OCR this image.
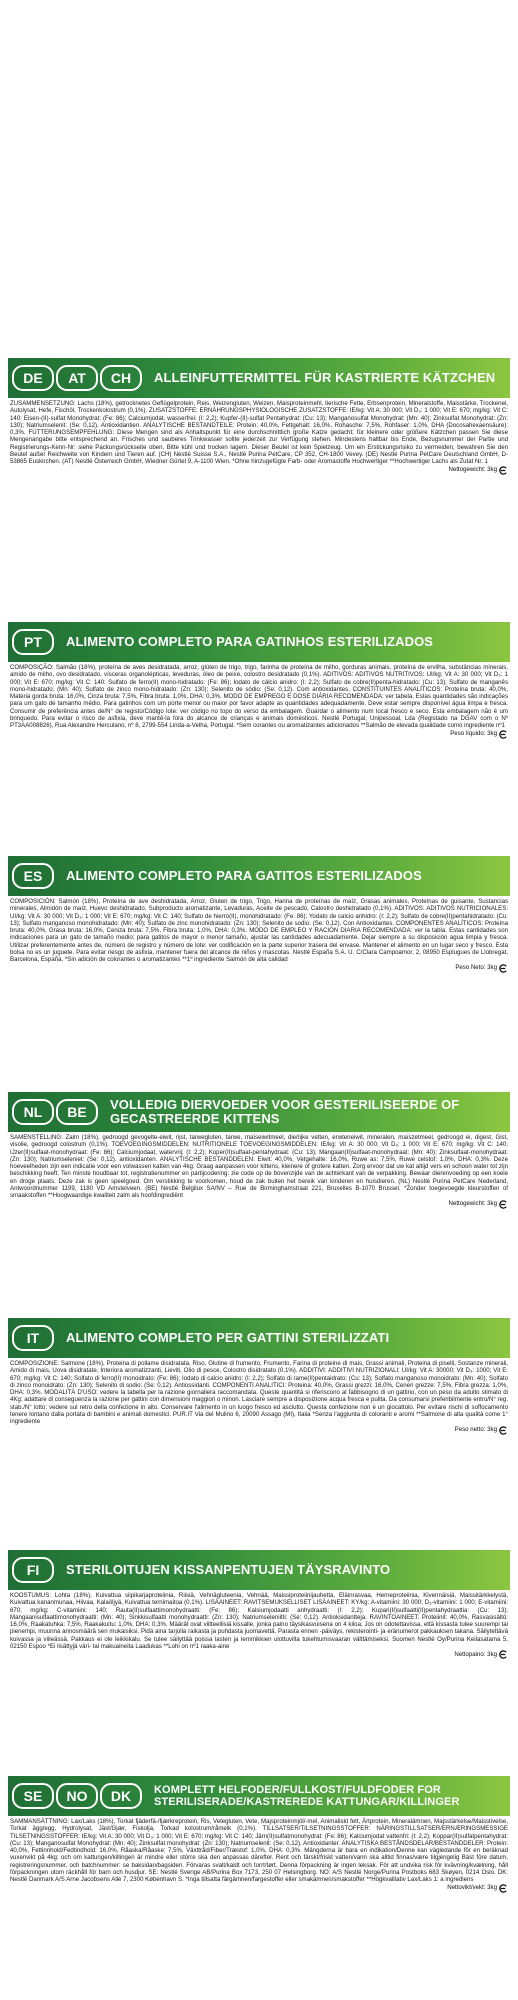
DE	AT	CH	ALLEINFUTTERMITTEL FÜR KASTRIERTE KÄTZCHEN
ZUSAMMENSETZUNG: Lachs (18%), getrocknetes Geflügelprotein, Reis, Weizengluten, Weizen, Maisproteinmehl, tierische Fette, Erbsenprotein, Mineralstoffe, Maisstärke, Trockenei, Autolysat, Hefe, Fischöl, Trockenkolostrum (0,1%). ZUSATZSTOFFE: ERNÄHRUNGSPHYSIOLOGISCHE ZUSATZSTOFFE: IE/kg: Vit A: 30 000; Vit D₃: 1 000; Vit E: 670; mg/kg: Vit C: 140; Eisen-(II)-sulfat Monohydrat: (Fe: 86); Calciumjodat, wasserfrei: (I: 2,2); Kupfer-(II)-sulfat Pentahydrat: (Cu: 13); Manganosulfat Monohydrat: (Mn: 40); Zinksulfat Monohydrat: (Zn: 130); Natriumselenit: (Se: 0,12). Antioxidantien. ANALYTISCHE BESTANDTEILE: Protein: 40,0%, Fettgehalt: 16,0%, Rohasche: 7,5%, Rohfaser: 1,0%, DHA (Docosahexaensäure): 0,3%. FÜTTERUNGSEMPFEHLUNG: Diese Mengen sind als Anhaltspunkt für eine durchschnittlich große Katze gedacht; für kleinere oder größere Kätzchen passen Sie diese Mengenangabe bitte entsprechend an. Frisches und sauberes Trinkwasser sollte jederzeit zur Verfügung stehen. Mindestens haltbar bis Ende, Bezugsnummer der Partie und Registrierungs-Kenn-Nr: siehe Packungsrückseite oben. Bitte kühl und trocken lagern. Dieser Beutel ist kein Spielzeug. Um ein Erstickungsrisiko zu vermeiden, bewahren Sie den Beutel außer Reichweite von Kindern und Tieren auf. (CH) Nestlé Suisse S.A., Nestlé Purina PetCare, CP 352, CH-1800 Vevey. (DE) Nestlé Purina PetCare Deutschland GmbH, D-53865 Euskirchen. (AT) Nestlé Österreich GmbH, Wiedner Gürtel 9, A-1100 Wien. *Ohne hinzugefügte Farb- oder Aromastoffe Hochwertiger **Hochwertiger Lachs als Zutat Nr. 1
Nettogewicht: 3kg
PT	ALIMENTO COMPLETO PARA GATINHOS ESTERILIZADOS
COMPOSIÇÃO: Salmão (18%), proteína de aves desidratada, arroz, glúten de trigo, trigo, farinha de proteína de milho, gorduras animais, proteína de ervilha, substâncias minerais, amido de milho, ovo desidratado, vísceras organolépticas, leveduras, óleo de peixe, colostro desidratado (0,1%). ADITIVOS: ADITIVOS NUTRITIVOS: UI/kg: Vit A: 30 000; Vit D₃: 1 000; Vit E: 670; mg/kg: Vit C: 140; Sulfato de ferro(II) mono-hidratado: (Fe: 86); Iodato de cálcio anidro: (I: 2,2); Sulfato de cobre(II)penta-hidratado: (Cu: 13); Sulfato de manganês mono-hidratado: (Mn: 40); Sulfato de zinco mono-hidratado: (Zn: 130); Selenito de sódio: (Se: 0,12). Com antioxidantes. CONSTITUINTES ANALÍTICOS: Proteína bruta: 40,0%, Matéria gorda bruta: 16,0%, Cinza bruta: 7,5%, Fibra bruta: 1,0%, DHA: 0,3%. MODO DE EMPREGO E DOSE DIÁRIA RECOMENDADA: ver tabela. Estas quantidades são indicações para um gato de tamanho médio. Para gatinhos com um porte menor ou maior por favor adapte as quantidades adequadamente. Deve estar sempre disponível água limpa e fresca. Consumir de preferência antes de/N° de registo/Código lote: ver código no topo do verso da embalagem. Guardar o alimento num local fresco e seco. Esta embalagem não é um brinquedo. Para evitar o risco de asfixia, deve mantê-la fora do alcance de crianças e animais domésticos. Nestlé Portugal, Unipessoal, Lda (Registado na DGAV com o Nº PT3AA008826), Rua Alexandre Herculano, nº 8, 2799-554 Linda-a-Velha, Portugal. *Sem corantes ou aromatizantes adicionados **Salmão de elevada qualidade como ingrediente nº1
Peso líquido: 3kg
ES	ALIMENTO COMPLETO PARA GATITOS ESTERILIZADOS
COMPOSICIÓN: Salmón (18%), Proteína de ave deshidratada, Arroz, Gluten de trigo, Trigo, Harina de proteínas de maíz, Grasas animales, Proteínas de guisante, Sustancias minerales, Almidón de maíz, Huevo deshidratado, Subproducto aromatizante, Levaduras, Aceite de pescado, Calostro deshidratado (0,1%). ADITIVOS: ADITIVOS NUTRICIONALES: UI/kg: Vit A: 30 000; Vit D₃: 1 000; Vit E: 670; mg/kg: Vit C: 140; Sulfato de hierro(II), monohidratado: (Fe: 86); Yodato de calcio anhidro: (I: 2,2); Sulfato de cobre(II)pentahidratado: (Cu: 13); Sulfato manganoso monohidratado: (Mn: 40); Sulfato de zinc monohidratado: (Zn: 130); Selenito de sodio: (Se: 0,12). Con Antioxidantes. COMPONENTES ANALÍTICOS: Proteína bruta: 40,0%, Grasa bruta: 16,0%, Ceniza bruta: 7,5%, Fibra bruta: 1,0%, DHA: 0,3%. MODO DE EMPLEO Y RACIÓN DIARIA RECOMENDADA: ver la tabla. Estas cantidades son indicaciones para un gato de tamaño medio; para gatitos de mayor o menor tamaño, ajustar las cantidades adecuadamente. Dejar siempre a su disposición agua limpia y fresca. Utilizar preferentemente antes de, número de registro y número de lote: ver codificación en la parte superior trasera del envase. Mantener el alimento en un lugar seco y fresco. Esta bolsa no es un juguete. Para evitar riesgo de asfixia, mantener fuera del alcance de niños y mascotas. Nestlé España S.A. U. C/Clara Campoamor, 2, 08950 Esplugues de Llobregat, Barcelona, España. *Sin adición de colorantes o aromatizantes **1º ingrediente Salmón de alta calidad
Peso Neto: 3kg
NL	BE	VOLLEDIG DIERVOEDER VOOR GESTERILISEERDE OF GECASTREERDE KITTENS
SAMENSTELLING: Zalm (18%), gedroogd gevogelte-eiwit, rijst, tarwegluten, tarwe, maïseiwitmeel, dierlijke vetten, erwteneiwit, mineralen, maïszetmeel, gedroogd ei, digest, Gist, visolie, gedroogd colostrum (0,1%). TOEVOEGINGSMIDDELEN: NUTRITIONELE TOEVOEGINGSMIDDELEN: IE/kg: Vit A: 30 000; Vit D₃: 1 000; Vit E: 670; mg/kg: Vit C: 140; IJzer(II)sulfaat-monohydraat: (Fe: 86); Calciumjodaat, watervrij: (I: 2,2); Koper(II)sulfaat-pentahydraat: (Cu: 13); Mangaan(II)sulfaat-monohydraat: (Mn: 40); Zinksulfaat-monohydraat: (Zn: 130); Natriumseleniet: (Se: 0,12). antioxidanten. ANALYTISCHE BESTANDDELEN: Eiwit: 40,0%, Vetgehalte: 16,0%, Ruwe as: 7,5%, Ruwe celstof: 1,0%, DHA: 0,3%. Deze hoeveelheden zijn een indicatie voor een volwassen katten van 4kg: Graag aanpassen voor kittens, kleinere of grotere katten. Zorg ervoor dat uw kat altijd vers en schoon water tot zijn beschikking heeft. Ten minste houdbaar tot, registratienummer en partijcodering: zie code op de bovenzijde van de achterkant van de verpakking. Bewaar dierenvoeding op een koele en droge plaats. Deze zak is geen speelgoed. Om verstikking te voorkomen, houd de zak buiten het bereik van kinderen en huisdieren. (NL) Nestlé Purina PetCare Nederland, Antwoordnummer 1199, 1180 VD Amstelveen. (BE) Nestlé Belgilux SA/NV – Rue de Birminghamstraat 221, Bruxelles B-1070 Brussel. *Zonder toegevoegde kleurstoffen of smaakstoffen **Hoogwaardige kwaliteit zalm als hoofdingrediënt
Nettogewicht: 3kg
IT	ALIMENTO COMPLETO PER GATTINI STERILIZZATI
COMPOSIZIONE: Salmone (18%), Proteina di pollame disidratata, Riso, Glutine di frumento, Frumento, Farina di proteine di mais, Grassi animali, Proteina di piselli, Sostanze minerali, Amido di mais, Uova disidratate, Interiora aromatizzanti, Lieviti, Olio di pesce, Colostro disidratato (0,1%). ADDITIVI: ADDITIVI NUTRIZIONALI: UI/kg: Vit A: 30000; Vit D₃: 1000; Vit E: 670; mg/kg: Vit C: 140; Solfato di ferro(II) monoidrato: (Fe: 86); Iodato di calcio anidro: (I: 2,2); Solfato di rame(II)pentaidrato: (Cu: 13); Solfato manganoso monoidrato: (Mn: 40); Solfato di zinco monoidrato: (Zn: 130); Selenito di sodio: (Se: 0,12). Antiossidanti. COMPONENTI ANALITICI: Proteina: 40,0%, Grassi grezzi: 16,0%, Ceneri grezze: 7,5%, Fibra grezza: 1,0%, DHA: 0,3%. MODALITÀ D'USO: vedere la tabella per la razione giornaliera raccomandata. Queste quantità si riferiscono al fabbisogno di un gattino, con un peso da adulto stimato di 4Kg: adattare di conseguenza la razione per gattini con dimensioni maggiori o minori. Lasciare sempre a disposizione acqua fresca e pulita. Da consumarsi preferibilmente entro/N° reg. stab./N° lotto: vedere sul retro della confezione in alto. Conservare l'alimento in un luogo fresco ed asciutto. Questa confezione non è un giocattolo. Per evitare rischi di soffocamento tenere lontano dalla portata di bambini e animali domestici. PUR.IT Via del Mulino 6, 20090 Assago (MI), Italia *Senza l'aggiunta di coloranti e aromi **Salmone di alta qualità come 1° ingrediente
Peso netto: 3kg
FI	STERILOITUJEN KISSANPENTUJEN TÄYSRAVINTO
KOOSTUMUS: Lohta (18%), Kuivattua siipikarjaproteiinia, Riisiä, Vehnägluteenia, Vehnää, Maissiproteiinijauhetta, Eläinrasvaa, Herneproteiinia, Kivennäisiä, Maissitärkkelystä, Kuivattua kananmunaa, Hiivaa, Kalaöljyä, Kuivattua ternimaitoa (0,1%). LISÄAINEET: RAVITSEMUKSELLISET LISÄAINEET: KY/kg: A-vitamiini: 30 000; D₃-vitamiini: 1 000; E-vitamiini: 670; mg/kg: C-vitamiini: 140; Rauta(II)sulfaattimonohydraatti: (Fe: 86); Kalsiumjodaatti anhydraatti: (I: 2,2); Kupari(II)sulfaatti(II)pentahydraattia: (Cu: 13); Mangaanisulfaattimonohydraatti: (Mn: 40); Sinkkisulfaatti monohydraatti: (Zn: 130); Natriumseleniitti: (Se: 0,12). Antioksidantteja. RAVINTOAINEET: Proteiinit: 40,0%, Rasvasisältö: 16,0%, Raakatuhka: 7,5%, Raakakuitu: 1,0%, DHA: 0,3%. Määrät ovat viitteellisiä kissalle, jonka paino täysikasvuisena on 4 kiloa; Jos on odotettavissa, että kissasta tulee suurempi tai pienempi, muunna annosmäärä sen mukaisiksi. Pidä aina tarjolla raikasta ja puhdasta juomavettä. Parasta ennen -päiväys, rekisterointi- ja eränumerot pakkauksen takana. Säilytettävä kuivassa ja viileässä. Pakkaus ei ole leikkikalu. Se tulee säilyttää poissa lasten ja lemmikkien ulottuvilta tukehtumisvaaran välttämiseksi. Suomen Nestlé Oy/Purina Keilasatama 5, 02150 Espoo *Ei lisättyjä väri- tai makuaineita Laadukas **Lohi on nº1 raaka-aine
Nettopaino: 3kg
SE	NO	DK	KOMPLETT HELFODER/FULLKOST/FULDFODER FOR STERILISERADE/KASTREREDE KATTUNGAR/KILLINGER
SAMMANSÄTTNING: Lax/Laks (18%), Torkat fjäderfä-/fjærkreprotein, Ris, Vetegluten, Vete, Majsproteinmjöl/-mel, Animaliskt fett, Ärtprotein, Mineralämnen, Majsstärkelse/Maisstivelse, Torkat ägg/egg, Hydrolysat, Jäst/Gjær, Fiskolja, Torkad kolostrum/råmelk (0,1%). TILLSATSER/TILSETNINGSSTOFFER: NÄRINGSTILLSATSER/ERNÆRINGSMESSIGE TILSETNINGSSTOFFER: IE/kg: Vit A: 30 000; Vit D₃: 1 000; Vit E: 670; mg/kg: Vit C: 140; Järn(II)sulfatmonohydrat: (Fe: 86); Kalciumjodat vattenfri: (I: 2,2); Koppar(II)sulfatpentahydrat: (Cu: 13); Manganosulfat Monohydrat: (Mn: 40); Zinksulfat monohydrat: (Zn: 130); Natriumselenit: (Se: 0,12). Antioxidanter. ANALYTISKA BESTÅNDSDELAR/BESTANDDELER: Protein: 40,0%, Fettinnhold/Fedtindhold: 16,0%, Råaska/Råaske: 7,5%, Växttråd/Fiber/Træstof: 1,0%, DHA: 0,3%. Mängderna är bara en indikation/Denne kan vägledande för en beräknad vuxenvikt på 4kg: och om kattungen/killingen är mindre eller större ska den anpassas därefter. Rent och färskt/friskt vatten/vann ska alltid finnas/være tilgjengelig Bäst före datum, registreringsnummer, och batchnummer: se baksidan/bagsiden. Förvaras svalt/kaldt och torrt/tørt. Denna förpackning är ingen leksak. För att undvika risk för kvävning/kvælning, håll förpackningen utom räckhåll för barn och husdjur. SE: Nestlé Sverige AB/Purina Box 7173, 250 07 Helsingborg. NO: A/S Nestlé Norge/Purina Postboks 683 Skøyen, 0214 Oslo. DK: Nestlé Danmark A/S Arne Jacobsens Allé 7, 2300 København S. *Inga tillsatta färgämnen/fargestoffer eller smakämnen/smakstoffer **Högkvalitativ Lax/Laks 1: a ingrediens
Nettovikt/vekt: 3kg
